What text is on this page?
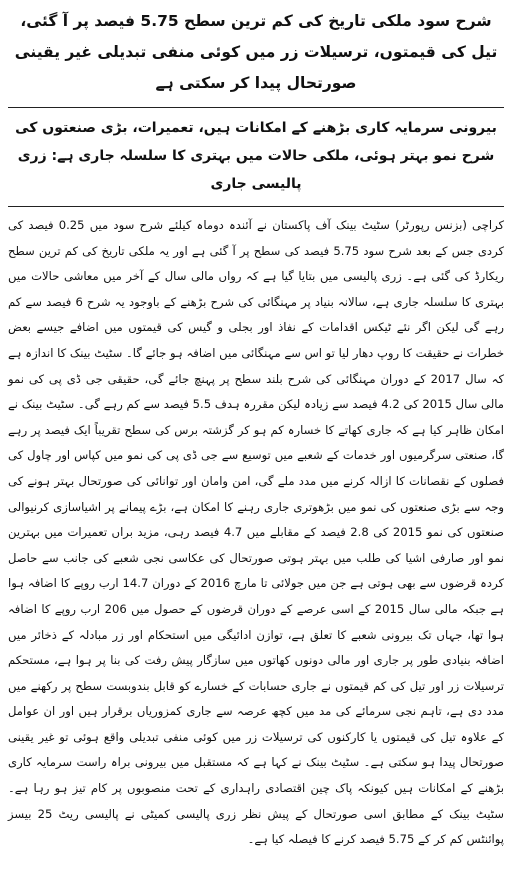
شرح سود ملکی تاریخ کی کم ترین سطح 5.75 فیصد پر آ گئی، تیل کی قیمتوں، ترسیلات زر میں کوئی منفی تبدیلی غیر یقینی صورتحال پیدا کر سکتی ہے
بیرونی سرمایہ کاری بڑھنے کے امکانات ہیں، تعمیرات، بڑی صنعتوں کی شرح نمو بہتر ہوئی، ملکی حالات میں بہتری کا سلسلہ جاری ہے: زری پالیسی جاری

کراچی (بزنس رپورٹر) سٹیٹ بینک آف پاکستان نے آئندہ دوماہ کیلئے شرح سود میں 0.25 فیصد کی کردی جس کے بعد شرح سود 5.75 فیصد کی سطح پر آ گئی ہے اور یہ ملکی تاریخ کی کم ترین سطح ریکارڈ کی گئی ہے۔ زری پالیسی میں بتایا گیا ہے کہ رواں مالی سال کے آخر میں معاشی حالات میں بہتری کا سلسلہ جاری ہے، سالانہ بنیاد پر مہنگائی کی شرح بڑھنے کے باوجود یہ شرح 6 فیصد سے کم رہے گی لیکن اگر نئے ٹیکس اقدامات کے نفاذ اور بجلی و گیس کی قیمتوں میں اضافے جیسے بعض خطرات نے حقیقت کا روپ دھار لیا تو اس سے مہنگائی میں اضافہ ہو جائے گا۔ سٹیٹ بینک کا اندازہ ہے کہ سال 2017 کے دوران مہنگائی کی شرح بلند سطح پر پہنچ جائے گی، حقیقی جی ڈی پی کی نمو مالی سال 2015 کی 4.2 فیصد سے زیادہ لیکن مقررہ ہدف 5.5 فیصد سے کم رہے گی۔ سٹیٹ بینک نے امکان ظاہر کیا ہے کہ جاری کھاتے کا خسارہ کم ہو کر گزشتہ برس کی سطح تقریباً ایک فیصد پر رہے گا، صنعتی سرگرمیوں اور خدمات کے شعبے میں توسیع سے جی ڈی پی کی نمو میں کپاس اور چاول کی فصلوں کے نقصانات کا ازالہ کرنے میں مدد ملے گی، امن وامان اور توانائی کی صورتحال بہتر ہونے کی وجہ سے بڑی صنعتوں کی نمو میں بڑھوتری جاری رہنے کا امکان ہے، بڑے پیمانے پر اشیاسازی کرنیوالی صنعتوں کی نمو 2015 کی 2.8 فیصد کے مقابلے میں 4.7 فیصد رہی، مزید براں تعمیرات میں بہترین نمو اور صارفی اشیا کی طلب میں بہتر ہوتی صورتحال کی عکاسی نجی شعبے کی جانب سے حاصل کردہ قرضوں سے بھی ہوتی ہے جن میں جولائی تا مارچ 2016 کے دوران 14.7 ارب روپے کا اضافہ ہوا ہے جبکہ مالی سال 2015 کے اسی عرصے کے دوران قرضوں کے حصول میں 206 ارب روپے کا اضافہ ہوا تھا، جہاں تک بیرونی شعبے کا تعلق ہے، توازن ادائیگی میں استحکام اور زر مبادلہ کے ذخائر میں اضافہ بنیادی طور پر جاری اور مالی دونوں کھاتوں میں سازگار پیش رفت کی بنا پر ہوا ہے، مستحکم ترسیلات زر اور تیل کی کم قیمتوں نے جاری حسابات کے خسارے کو قابل بندوبست سطح پر رکھنے میں مدد دی ہے، تاہم نجی سرمائے کی مد میں کچھ عرصہ سے جاری کمزوریاں برقرار ہیں اور ان عوامل کے علاوہ تیل کی قیمتوں یا کارکنوں کی ترسیلات زر میں کوئی منفی تبدیلی واقع ہوئی تو غیر یقینی صورتحال پیدا ہو سکتی ہے۔ سٹیٹ بینک نے کہا ہے کہ مستقبل میں بیرونی براہ راست سرمایہ کاری بڑھنے کے امکانات ہیں کیونکہ پاک چین اقتصادی راہداری کے تحت منصوبوں پر کام تیز ہو رہا ہے۔ سٹیٹ بینک کے مطابق اسی صورتحال کے پیش نظر زری پالیسی کمیٹی نے پالیسی ریٹ 25 بیسز پوائنٹس کم کر کے 5.75 فیصد کرنے کا فیصلہ کیا ہے۔
